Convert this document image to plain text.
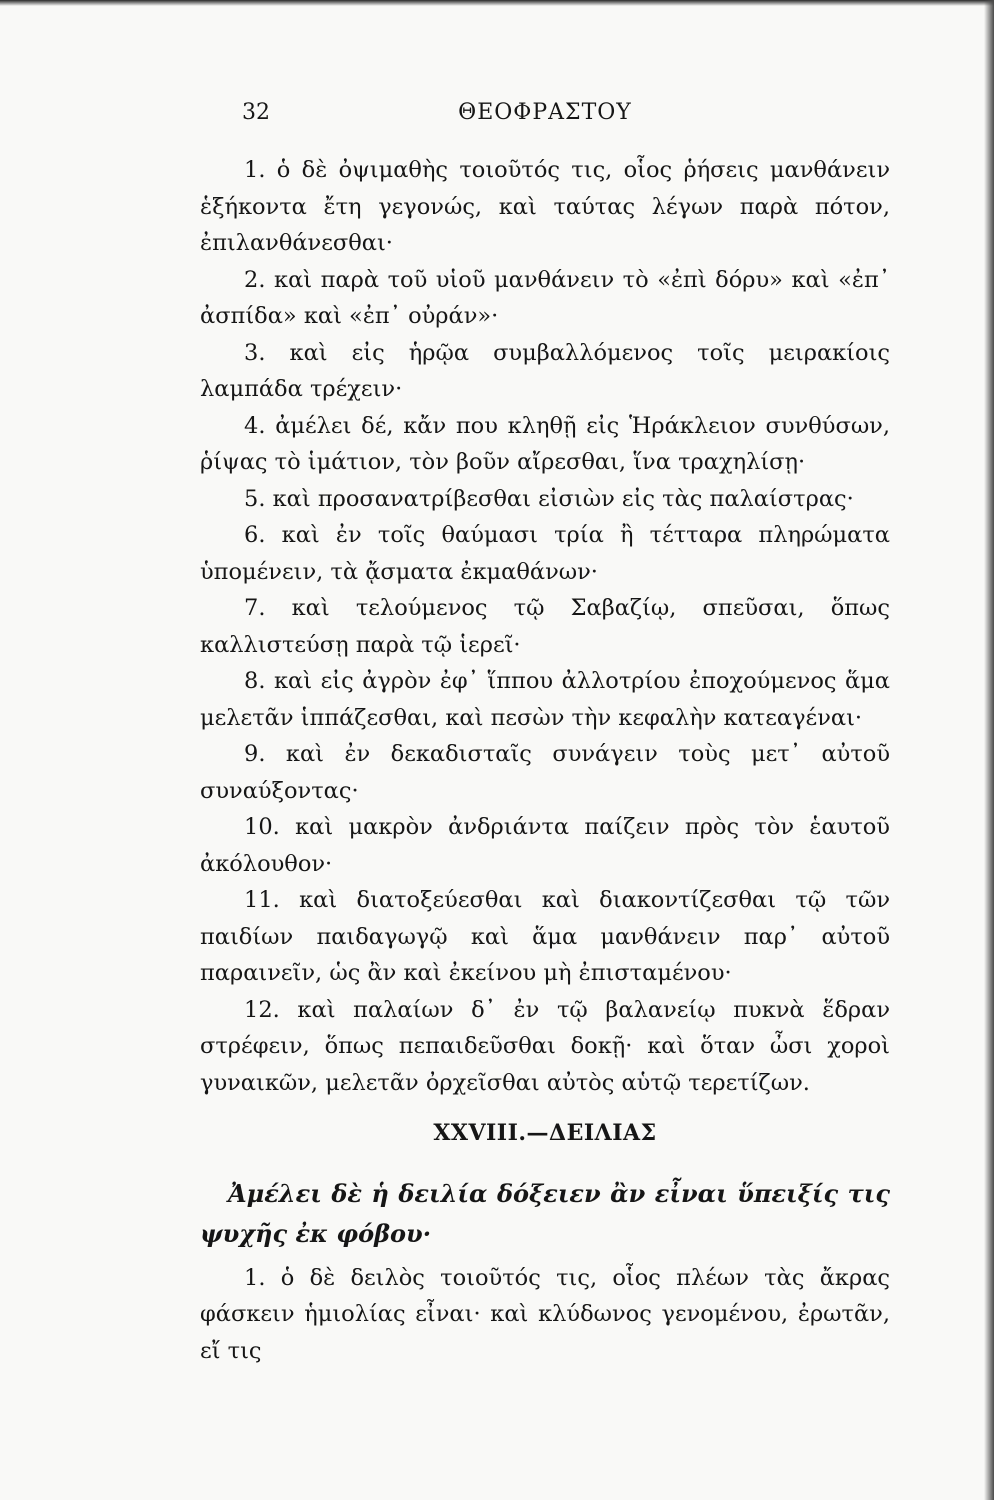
32	ΘΕΟΦΡΑΣΤΟΥ

1. ὁ δὲ ὀψιμαθὴς τοιοῦτός τις, οἷος ῥήσεις μανθάνειν ἑξήκοντα ἔτη γεγονώς, καὶ ταύτας λέγων παρὰ πότον, ἐπιλανθάνεσθαι·

2. καὶ παρὰ τοῦ υἱοῦ μανθάνειν τὸ «ἐπὶ δόρυ» καὶ «ἐπ᾿ ἀσπίδα» καὶ «ἐπ᾿ οὐράν»·

3. καὶ εἰς ἡρῷα συμβαλλόμενος τοῖς μειρακίοις λαμπάδα τρέχειν·

4. ἀμέλει δέ, κἄν που κληθῇ εἰς Ἡράκλειον συνθύσων, ῥίψας τὸ ἱμάτιον, τὸν βοῦν αἴρεσθαι, ἵνα τραχηλίσῃ·

5. καὶ προσανατρίβεσθαι εἰσιὼν εἰς τὰς παλαίστρας·

6. καὶ ἐν τοῖς θαύμασι τρία ἢ τέτταρα πληρώματα ὑπομένειν, τὰ ᾄσματα ἐκμαθάνων·

7. καὶ τελούμενος τῷ Σαβαζίῳ, σπεῦσαι, ὅπως καλλιστεύσῃ παρὰ τῷ ἱερεῖ·

8. καὶ εἰς ἀγρὸν ἐφ᾿ ἵππου ἀλλοτρίου ἐποχούμενος ἅμα μελετᾶν ἱππάζεσθαι, καὶ πεσὼν τὴν κεφαλὴν κατεαγέναι·

9. καὶ ἐν δεκαδισταῖς συνάγειν τοὺς μετ᾿ αὐτοῦ συναύξοντας·

10. καὶ μακρὸν ἀνδριάντα παίζειν πρὸς τὸν ἑαυτοῦ ἀκόλουθον·

11. καὶ διατοξεύεσθαι καὶ διακοντίζεσθαι τῷ τῶν παιδίων παιδαγωγῷ καὶ ἅμα μανθάνειν παρ᾿ αὐτοῦ παραινεῖν, ὡς ἂν καὶ ἐκείνου μὴ ἐπισταμένου·

12. καὶ παλαίων δ᾿ ἐν τῷ βαλανείῳ πυκνὰ ἕδραν στρέφειν, ὅπως πεπαιδεῦσθαι δοκῇ· καὶ ὅταν ὦσι χοροὶ γυναικῶν, μελετᾶν ὀρχεῖσθαι αὐτὸς αὑτῷ τερετίζων.

XXVIII.—ΔΕΙΛΙΑΣ

Ἀμέλει δὲ ἡ δειλία δόξειεν ἂν εἶναι ὕπειξίς τις ψυχῆς ἐκ φόβου·

1. ὁ δὲ δειλὸς τοιοῦτός τις, οἷος πλέων τὰς ἄκρας φάσκειν ἡμιολίας εἶναι· καὶ κλύδωνος γενομένου, ἐρωτᾶν, εἴ τις
